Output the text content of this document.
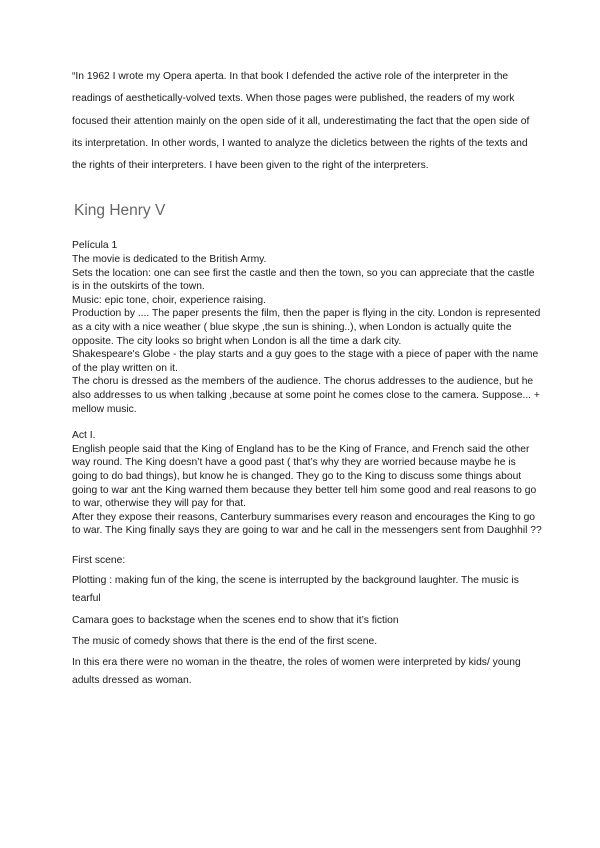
“In 1962 I wrote my Opera aperta. In that book I defended the active role of the interpreter in the readings of aesthetically-volved texts. When those pages were published, the readers of my work focused their attention mainly on the open side of it all, underestimating the fact that the open side of its interpretation. In other words, I wanted to analyze the dicletics between the rights of the texts and the rights of their interpreters. I have been given to the right of the interpreters.

King Henry V

Película 1

The movie is dedicated to the British Army.

Sets the location: one can see first the castle and then the town, so you can appreciate that the castle is in the outskirts of the town.

Music: epic tone, choir, experience raising.

Production by .... The paper presents the film, then the paper is flying in the city. London is represented as a city with a nice weather ( blue skype ,the sun is shining..), when London is actually quite the opposite. The city looks so bright when London is all the time a dark city.

Shakespeare's Globe - the play starts and a guy goes to the stage with a piece of paper with the name of the play written on it.

The choru is dressed as the members of the audience. The chorus addresses to the audience, but he also addresses to us when talking ,because at some point he comes close to the camera. Suppose... + mellow music.

Act I.

English people said that the King of England has to be the King of France, and French said the other way round. The King doesn’t have a good past ( that’s why they are worried because maybe he is going to do bad things), but know he is changed. They go to the King to discuss some things about going to war ant the King warned them because they better tell him some good and real reasons to go to war, otherwise they will pay for that.

After they expose their reasons, Canterbury summarises every reason and encourages the King to go to war. The King finally says they are going to war and he call in the messengers sent from Daughhil ??

First scene:

Plotting : making fun of the king, the scene is interrupted by the background laughter. The music is tearful

Camara goes to backstage when the scenes end to show that it’s fiction

The music of comedy shows that there is the end of the first scene.

In this era there were no woman in the theatre, the roles of women were interpreted by kids/ young adults dressed as woman.
